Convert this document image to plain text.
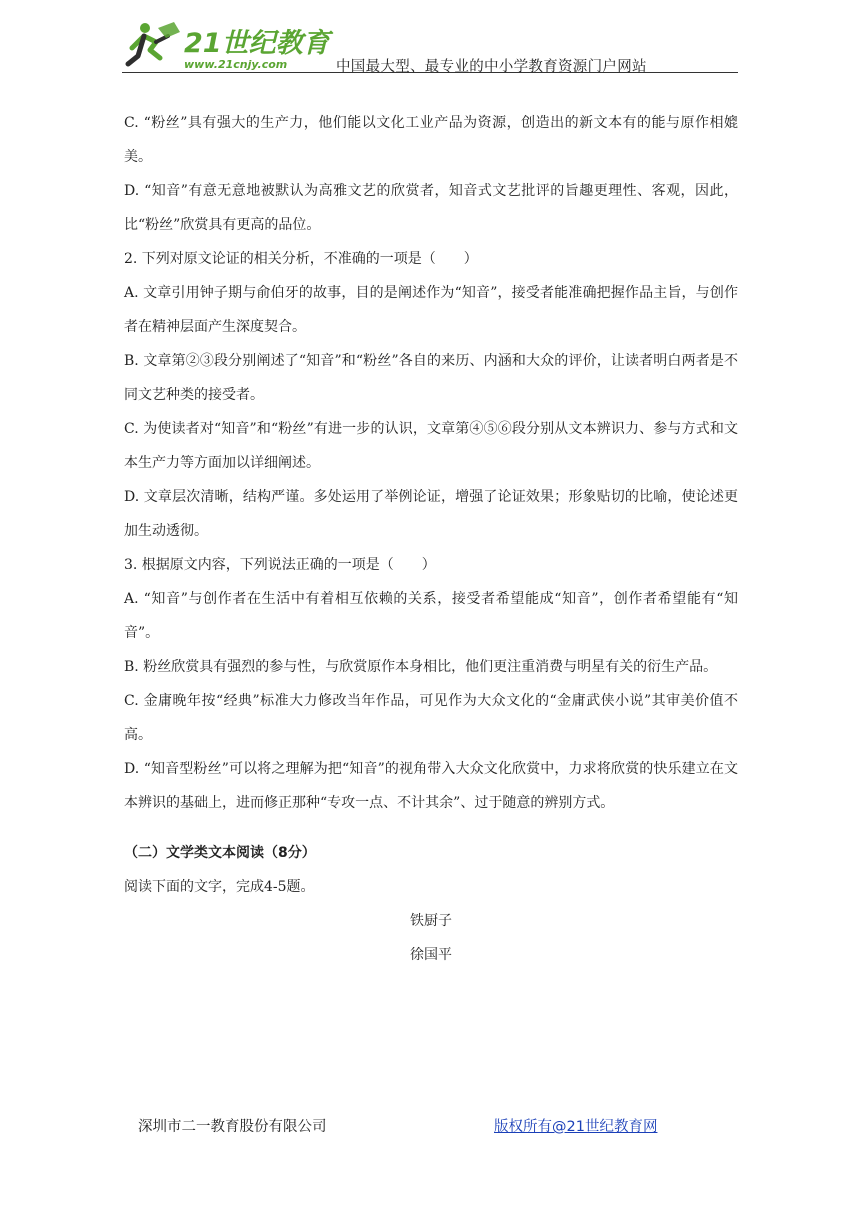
21世纪教育
www.21cnjy.com	中国最大型、最专业的中小学教育资源门户网站

C. “粉丝”具有强大的生产力，他们能以文化工业产品为资源，创造出的新文本有的能与原作相媲美。

D. “知音”有意无意地被默认为高雅文艺的欣赏者，知音式文艺批评的旨趣更理性、客观，因此，比“粉丝”欣赏具有更高的品位。

2. 下列对原文论证的相关分析，不准确的一项是（　　）

A. 文章引用钟子期与俞伯牙的故事，目的是阐述作为“知音”，接受者能准确把握作品主旨，与创作者在精神层面产生深度契合。

B. 文章第②③段分别阐述了“知音”和“粉丝”各自的来历、内涵和大众的评价，让读者明白两者是不同文艺种类的接受者。

C. 为使读者对“知音”和“粉丝”有进一步的认识，文章第④⑤⑥段分别从文本辨识力、参与方式和文本生产力等方面加以详细阐述。

D. 文章层次清晰，结构严谨。多处运用了举例论证，增强了论证效果；形象贴切的比喻，使论述更加生动透彻。

3. 根据原文内容，下列说法正确的一项是（　　）

A. “知音”与创作者在生活中有着相互依赖的关系，接受者希望能成“知音”，创作者希望能有“知音”。

B. 粉丝欣赏具有强烈的参与性，与欣赏原作本身相比，他们更注重消费与明星有关的衍生产品。

C. 金庸晚年按“经典”标准大力修改当年作品，可见作为大众文化的“金庸武侠小说”其审美价值不高。

D. “知音型粉丝”可以将之理解为把“知音”的视角带入大众文化欣赏中，力求将欣赏的快乐建立在文本辨识的基础上，进而修正那种“专攻一点、不计其余”、过于随意的辨别方式。

（二）文学类文本阅读（8分）

阅读下面的文字，完成4-5题。

铁厨子
徐国平
深圳市二一教育股份有限公司	版权所有@21世纪教育网
